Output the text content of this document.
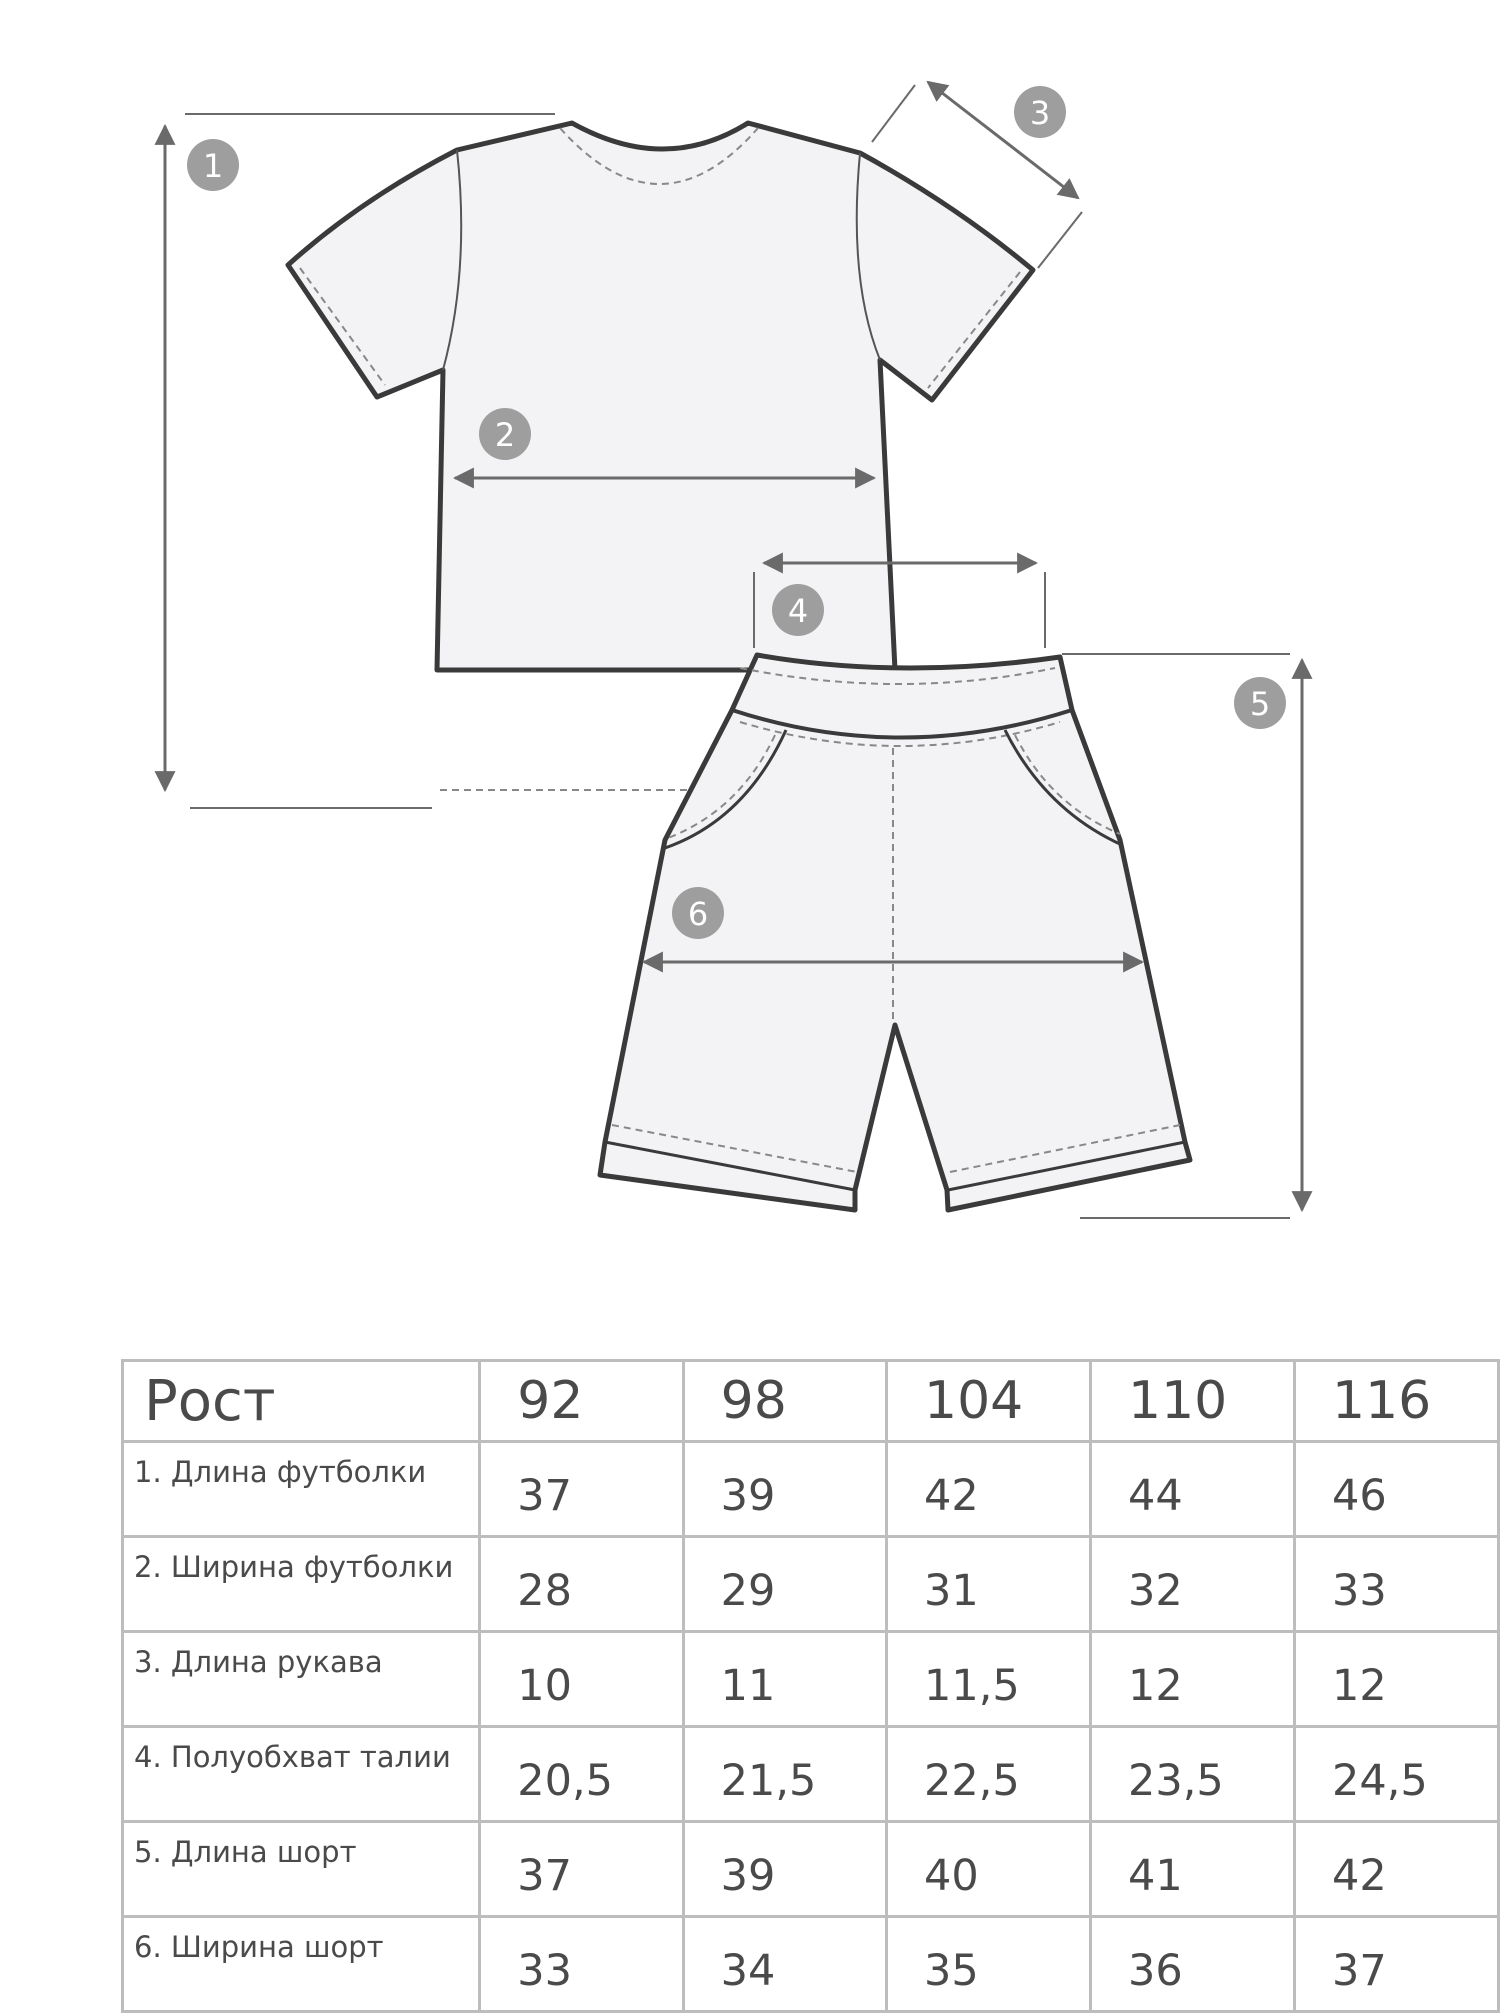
1
2
3
4
5
6
Рост	92	98	104	110	116
1. Длина футболки	37	39	42	44	46
2. Ширина футболки	28	29	31	32	33
3. Длина рукава	10	11	11,5	12	12
4. Полуобхват талии	20,5	21,5	22,5	23,5	24,5
5. Длина шорт	37	39	40	41	42
6. Ширина шорт	33	34	35	36	37
